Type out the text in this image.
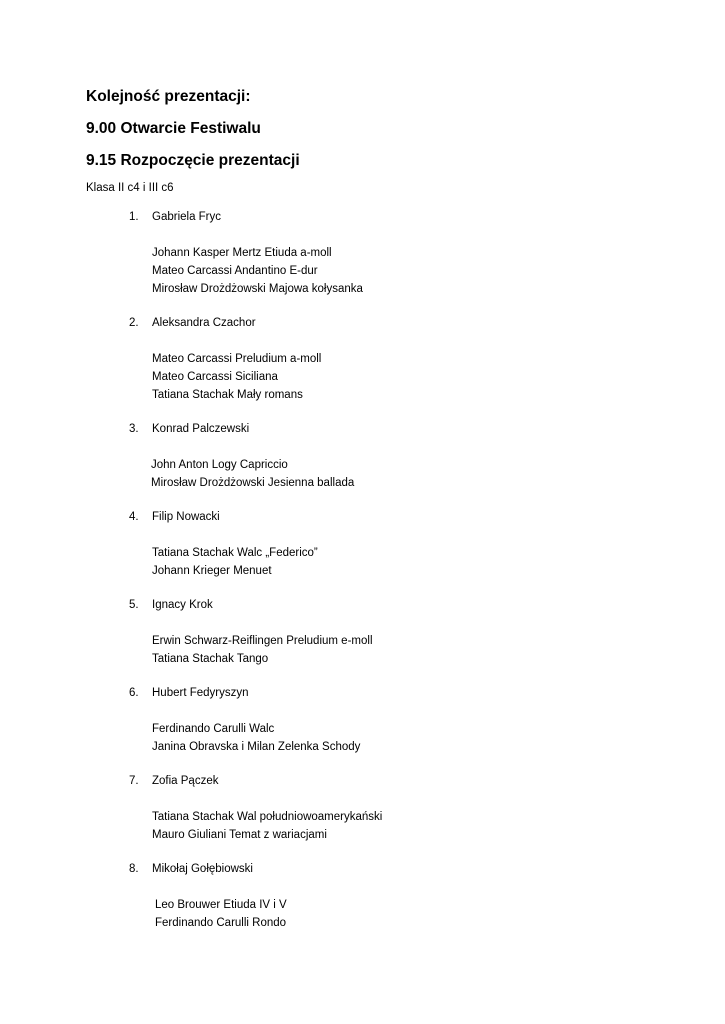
Kolejność prezentacji:
9.00 Otwarcie Festiwalu
9.15 Rozpoczęcie prezentacji
Klasa II c4 i III c6
1. Gabriela Fryc
Johann Kasper Mertz Etiuda a-moll
Mateo Carcassi Andantino E-dur
Mirosław Drożdżowski Majowa kołysanka
2. Aleksandra Czachor
Mateo Carcassi Preludium a-moll
Mateo Carcassi Siciliana
Tatiana Stachak Mały romans
3. Konrad Palczewski
John Anton Logy Capriccio
Mirosław Drożdżowski Jesienna ballada
4. Filip Nowacki
Tatiana Stachak Walc „Federico”
Johann Krieger Menuet
5. Ignacy Krok
Erwin Schwarz-Reiflingen Preludium e-moll
Tatiana Stachak Tango
6. Hubert Fedyryszyn
Ferdinando Carulli Walc
Janina Obravska i Milan Zelenka Schody
7. Zofia Pączek
Tatiana Stachak Wal południowoamerykański
Mauro Giuliani Temat z wariacjami
8. Mikołaj Gołębiowski
Leo Brouwer Etiuda IV i V
Ferdinando Carulli Rondo
